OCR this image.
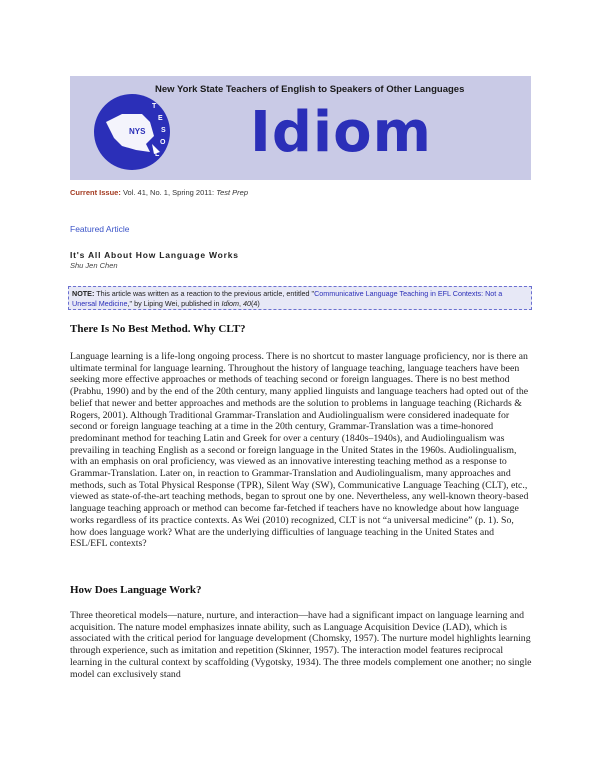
New York State Teachers of English to Speakers of Other Languages
NYS
T
E
S
O
L Idiom
Current Issue: Vol. 41, No. 1, Spring 2011: Test Prep
Featured Article
It's All About How Language Works
Shu Jen Chen
NOTE: This article was written as a reaction to the previous article, entitled "Communicative Language Teaching in EFL Contexts: Not a Unersal Medicine," by Liping Wei, published in Idiom, 40(4)
There Is No Best Method. Why CLT?

Language learning is a life-long ongoing process. There is no shortcut to master language proficiency, nor is there an ultimate terminal for language learning. Throughout the history of language teaching, language teachers have been seeking more effective approaches or methods of teaching second or foreign languages. There is no best method (Prabhu, 1990) and by the end of the 20th century, many applied linguists and language teachers had opted out of the belief that newer and better approaches and methods are the solution to problems in language teaching (Richards & Rogers, 2001). Although Traditional Grammar-Translation and Audiolingualism were considered inadequate for second or foreign language teaching at a time in the 20th century, Grammar-Translation was a time-honored predominant method for teaching Latin and Greek for over a century (1840s–1940s), and Audiolingualism was prevailing in teaching English as a second or foreign language in the United States in the 1960s. Audiolingualism, with an emphasis on oral proficiency, was viewed as an innovative interesting teaching method as a response to Grammar-Translation. Later on, in reaction to Grammar-Translation and Audiolingualism, many approaches and methods, such as Total Physical Response (TPR), Silent Way (SW), Communicative Language Teaching (CLT), etc., viewed as state-of-the-art teaching methods, began to sprout one by one. Nevertheless, any well-known theory-based language teaching approach or method can become far-fetched if teachers have no knowledge about how language works regardless of its practice contexts. As Wei (2010) recognized, CLT is not “a universal medicine” (p. 1). So, how does language work? What are the underlying difficulties of language teaching in the United States and ESL/EFL contexts?

How Does Language Work?

Three theoretical models—nature, nurture, and interaction—have had a significant impact on language learning and acquisition. The nature model emphasizes innate ability, such as Language Acquisition Device (LAD), which is associated with the critical period for language development (Chomsky, 1957). The nurture model highlights learning through experience, such as imitation and repetition (Skinner, 1957). The interaction model features reciprocal learning in the cultural context by scaffolding (Vygotsky, 1934). The three models complement one another; no single model can exclusively stand
